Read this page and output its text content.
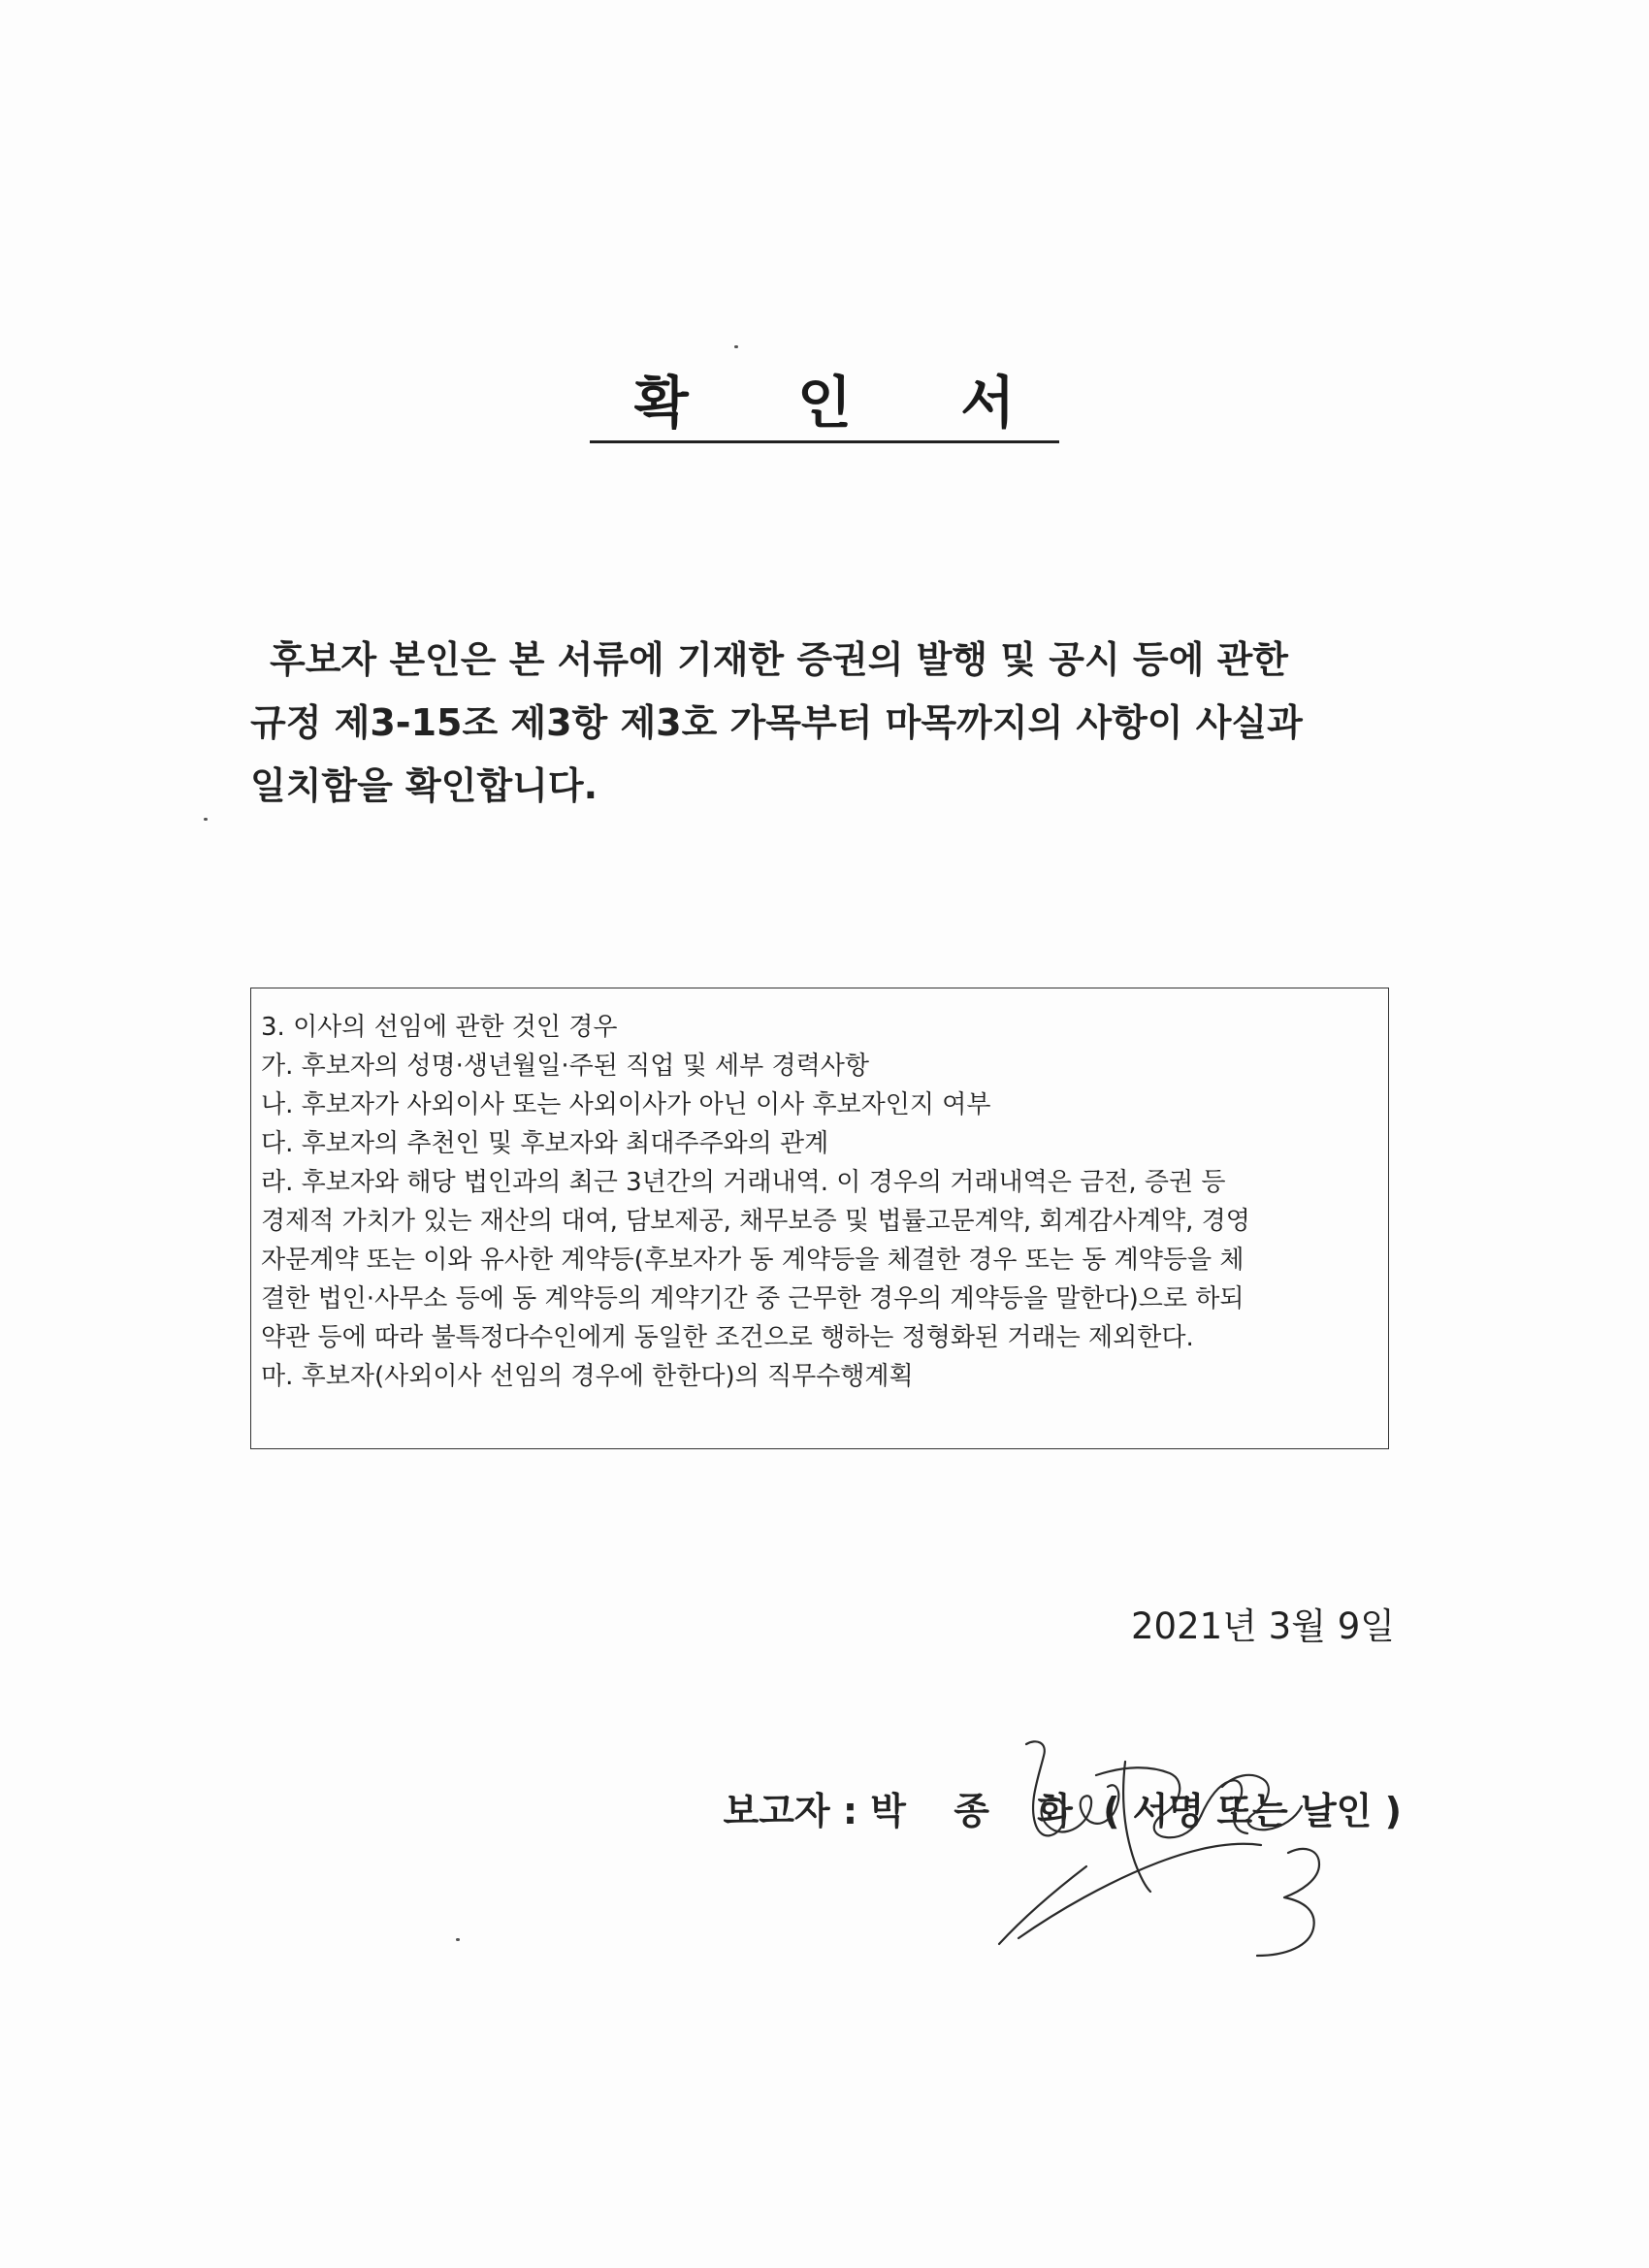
확 인 서

후보자 본인은 본 서류에 기재한 증권의 발행 및 공시 등에 관한

규정 제3-15조 제3항 제3호 가목부터 마목까지의 사항이 사실과

일치함을 확인합니다.

3. 이사의 선임에 관한 것인 경우

가. 후보자의 성명·생년월일·주된 직업 및 세부 경력사항

나. 후보자가 사외이사 또는 사외이사가 아닌 이사 후보자인지 여부

다. 후보자의 추천인 및 후보자와 최대주주와의 관계

라. 후보자와 해당 법인과의 최근 3년간의 거래내역. 이 경우의 거래내역은 금전, 증권 등

경제적 가치가 있는 재산의 대여, 담보제공, 채무보증 및 법률고문계약, 회계감사계약, 경영

자문계약 또는 이와 유사한 계약등(후보자가 동 계약등을 체결한 경우 또는 동 계약등을 체

결한 법인·사무소 등에 동 계약등의 계약기간 중 근무한 경우의 계약등을 말한다)으로 하되

약관 등에 따라 불특정다수인에게 동일한 조건으로 행하는 정형화된 거래는 제외한다.

마. 후보자(사외이사 선임의 경우에 한한다)의 직무수행계획

2021년 3월 9일
보고자 : 박 종 화 ( 서명 또는 날인 )
